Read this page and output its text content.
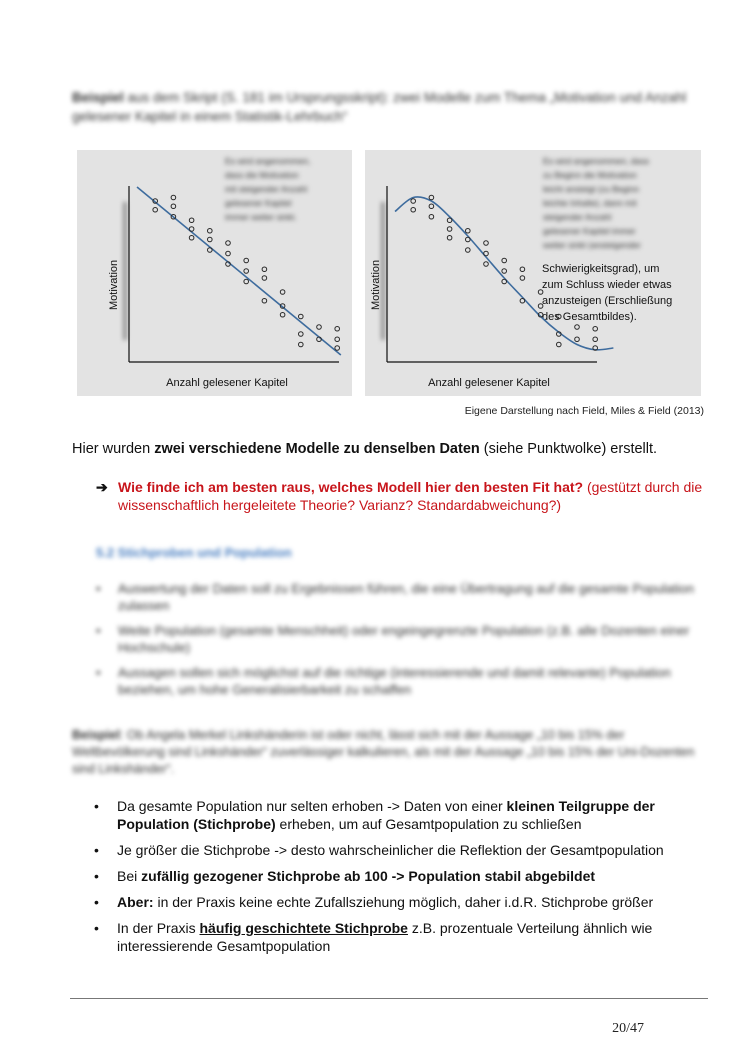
Beispiel aus dem Skript (S. 181 im Ursprungsskript): zwei Modelle zum Thema „Motivation und Anzahl gelesener Kapitel in einem Statistik-Lehrbuch“
Es wird angenommen,
dass die Motivation
mit steigender Anzahl
gelesener Kapitel
immer weiter sinkt.
Motivation
Anzahl gelesener Kapitel
Es wird angenommen, dass
zu Beginn die Motivation
leicht ansteigt (zu Beginn
leichte Inhalte), dann mit
steigender Anzahl
gelesener Kapitel immer
weiter sinkt (ansteigender
Schwierigkeitsgrad), um
zum Schluss wieder etwas
anzusteigen (Erschließung
des Gesamtbildes).
Motivation
Anzahl gelesener Kapitel
Eigene Darstellung nach Field, Miles & Field (2013)

Hier wurden zwei verschiedene Modelle zu denselben Daten (siehe Punktwolke) erstellt.

➔ Wie finde ich am besten raus, welches Modell hier den besten Fit hat? (gestützt durch die wissenschaftlich hergeleitete Theorie? Varianz? Standardabweichung?)
5.2 Stichproben und Population
• Auswertung der Daten soll zu Ergebnissen führen, die eine Übertragung auf die gesamte Population zulassen
• Weite Population (gesamte Menschheit) oder engeingegrenzte Population (z.B. alle Dozenten einer Hochschule)
• Aussagen sollen sich möglichst auf die richtige (interessierende und damit relevante) Population beziehen, um hohe Generalisierbarkeit zu schaffen
Beispiel: Ob Angela Merkel Linkshänderin ist oder nicht, lässt sich mit der Aussage „10 bis 15% der Weltbevölkerung sind Linkshänder“ zuverlässiger kalkulieren, als mit der Aussage „10 bis 15% der Uni-Dozenten sind Linkshänder“.
• Da gesamte Population nur selten erhoben -> Daten von einer kleinen Teilgruppe der Population (Stichprobe) erheben, um auf Gesamtpopulation zu schließen
• Je größer die Stichprobe -> desto wahrscheinlicher die Reflektion der Gesamtpopulation
• Bei zufällig gezogener Stichprobe ab 100 -> Population stabil abgebildet
• Aber: in der Praxis keine echte Zufallsziehung möglich, daher i.d.R. Stichprobe größer
• In der Praxis häufig geschichtete Stichprobe z.B. prozentuale Verteilung ähnlich wie interessierende Gesamtpopulation
20/47
